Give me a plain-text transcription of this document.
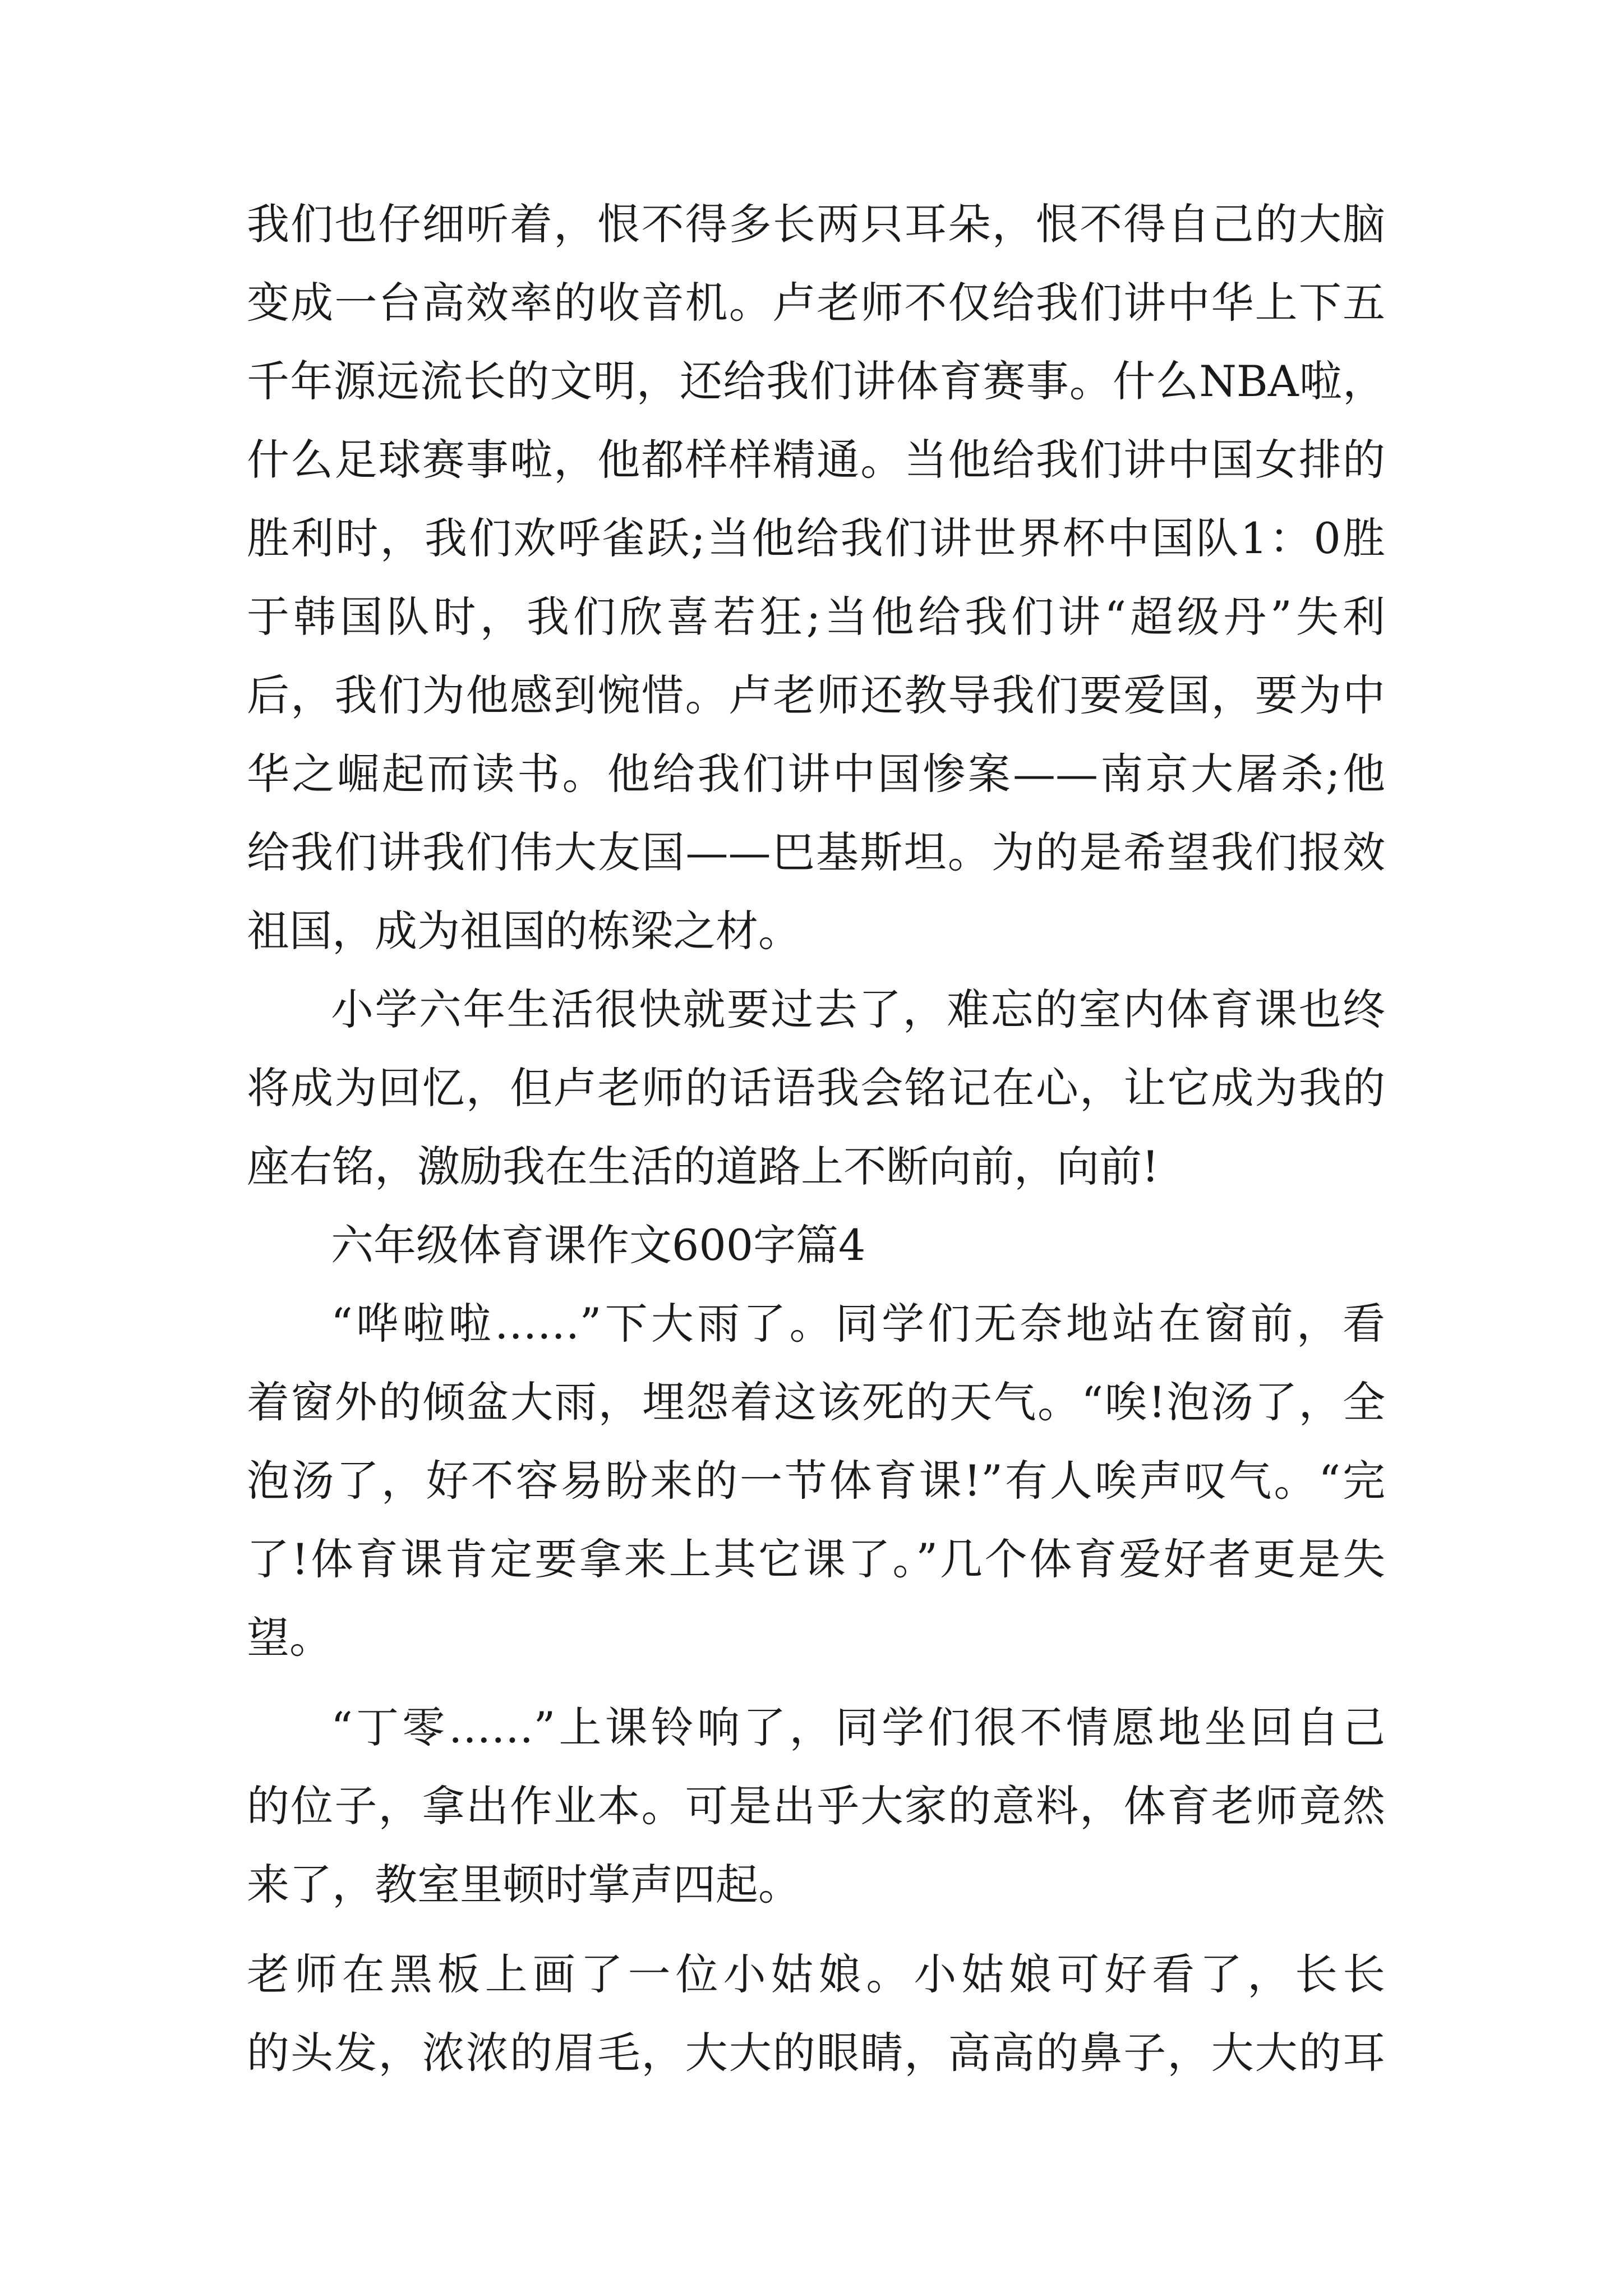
我们也仔细听着，恨不得多长两只耳朵，恨不得自己的大脑
变成一台高效率的收音机。卢老师不仅给我们讲中华上下五
千年源远流长的文明，还给我们讲体育赛事。什么NBA啦，
什么足球赛事啦，他都样样精通。当他给我们讲中国女排的
胜利时，我们欢呼雀跃;当他给我们讲世界杯中国队1：0胜
于韩国队时，我们欣喜若狂;当他给我们讲“超级丹”失利
后，我们为他感到惋惜。卢老师还教导我们要爱国，要为中
华之崛起而读书。他给我们讲中国惨案——南京大屠杀;他
给我们讲我们伟大友国——巴基斯坦。为的是希望我们报效
祖国，成为祖国的栋梁之材。
小学六年生活很快就要过去了，难忘的室内体育课也终
将成为回忆，但卢老师的话语我会铭记在心，让它成为我的
座右铭，激励我在生活的道路上不断向前，向前!
六年级体育课作文600字篇4
“哗啦啦……”下大雨了。同学们无奈地站在窗前，看
着窗外的倾盆大雨，埋怨着这该死的天气。“唉!泡汤了，全
泡汤了，好不容易盼来的一节体育课!”有人唉声叹气。“完
了!体育课肯定要拿来上其它课了。”几个体育爱好者更是失
望。
“丁零……”上课铃响了，同学们很不情愿地坐回自己
的位子，拿出作业本。可是出乎大家的意料，体育老师竟然
来了，教室里顿时掌声四起。
老师在黑板上画了一位小姑娘。小姑娘可好看了，长长
的头发，浓浓的眉毛，大大的眼睛，高高的鼻子，大大的耳
